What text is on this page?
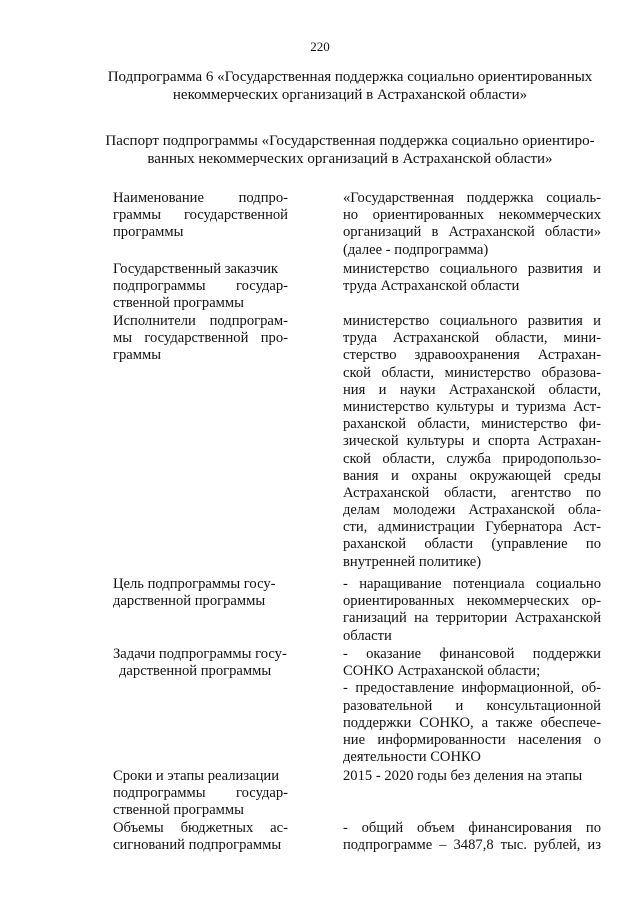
220
Подпрограмма 6 «Государственная поддержка социально ориентированных
некоммерческих организаций в Астраханской области»
Паспорт подпрограммы «Государственная поддержка социально ориентиро-
ванных некоммерческих организаций в Астраханской области»
Наименование подпро-
граммы государственной
программы
«Государственная поддержка социаль-
но ориентированных некоммерческих
организаций в Астраханской области»
(далее - подпрограмма)
Государственный заказчик
подпрограммы государ-
ственной программы
министерство социального развития и
труда Астраханской области
Исполнители подпрограм-
мы государственной про-
граммы
министерство социального развития и
труда Астраханской области, мини-
стерство здравоохранения Астрахан-
ской области, министерство образова-
ния и науки Астраханской области,
министерство культуры и туризма Аст-
раханской области, министерство фи-
зической культуры и спорта Астрахан-
ской области, служба природопользо-
вания и охраны окружающей среды
Астраханской области, агентство по
делам молодежи Астраханской обла-
сти, администрации Губернатора Аст-
раханской области (управление по
внутренней политике)
Цель подпрограммы госу-
дарственной программы
- наращивание потенциала социально
ориентированных некоммерческих ор-
ганизаций на территории Астраханской
области
Задачи подпрограммы госу-
дарственной программы
- оказание финансовой поддержки
СОНКО Астраханской области;
- предоставление информационной, об-
разовательной и консультационной
поддержки СОНКО, а также обеспече-
ние информированности населения о
деятельности СОНКО
Сроки и этапы реализации
подпрограммы государ-
ственной программы
2015 - 2020 годы без деления на этапы
Объемы бюджетных ас-
сигнований подпрограммы
- общий объем финансирования по
подпрограмме – 3487,8 тыс. рублей, из
